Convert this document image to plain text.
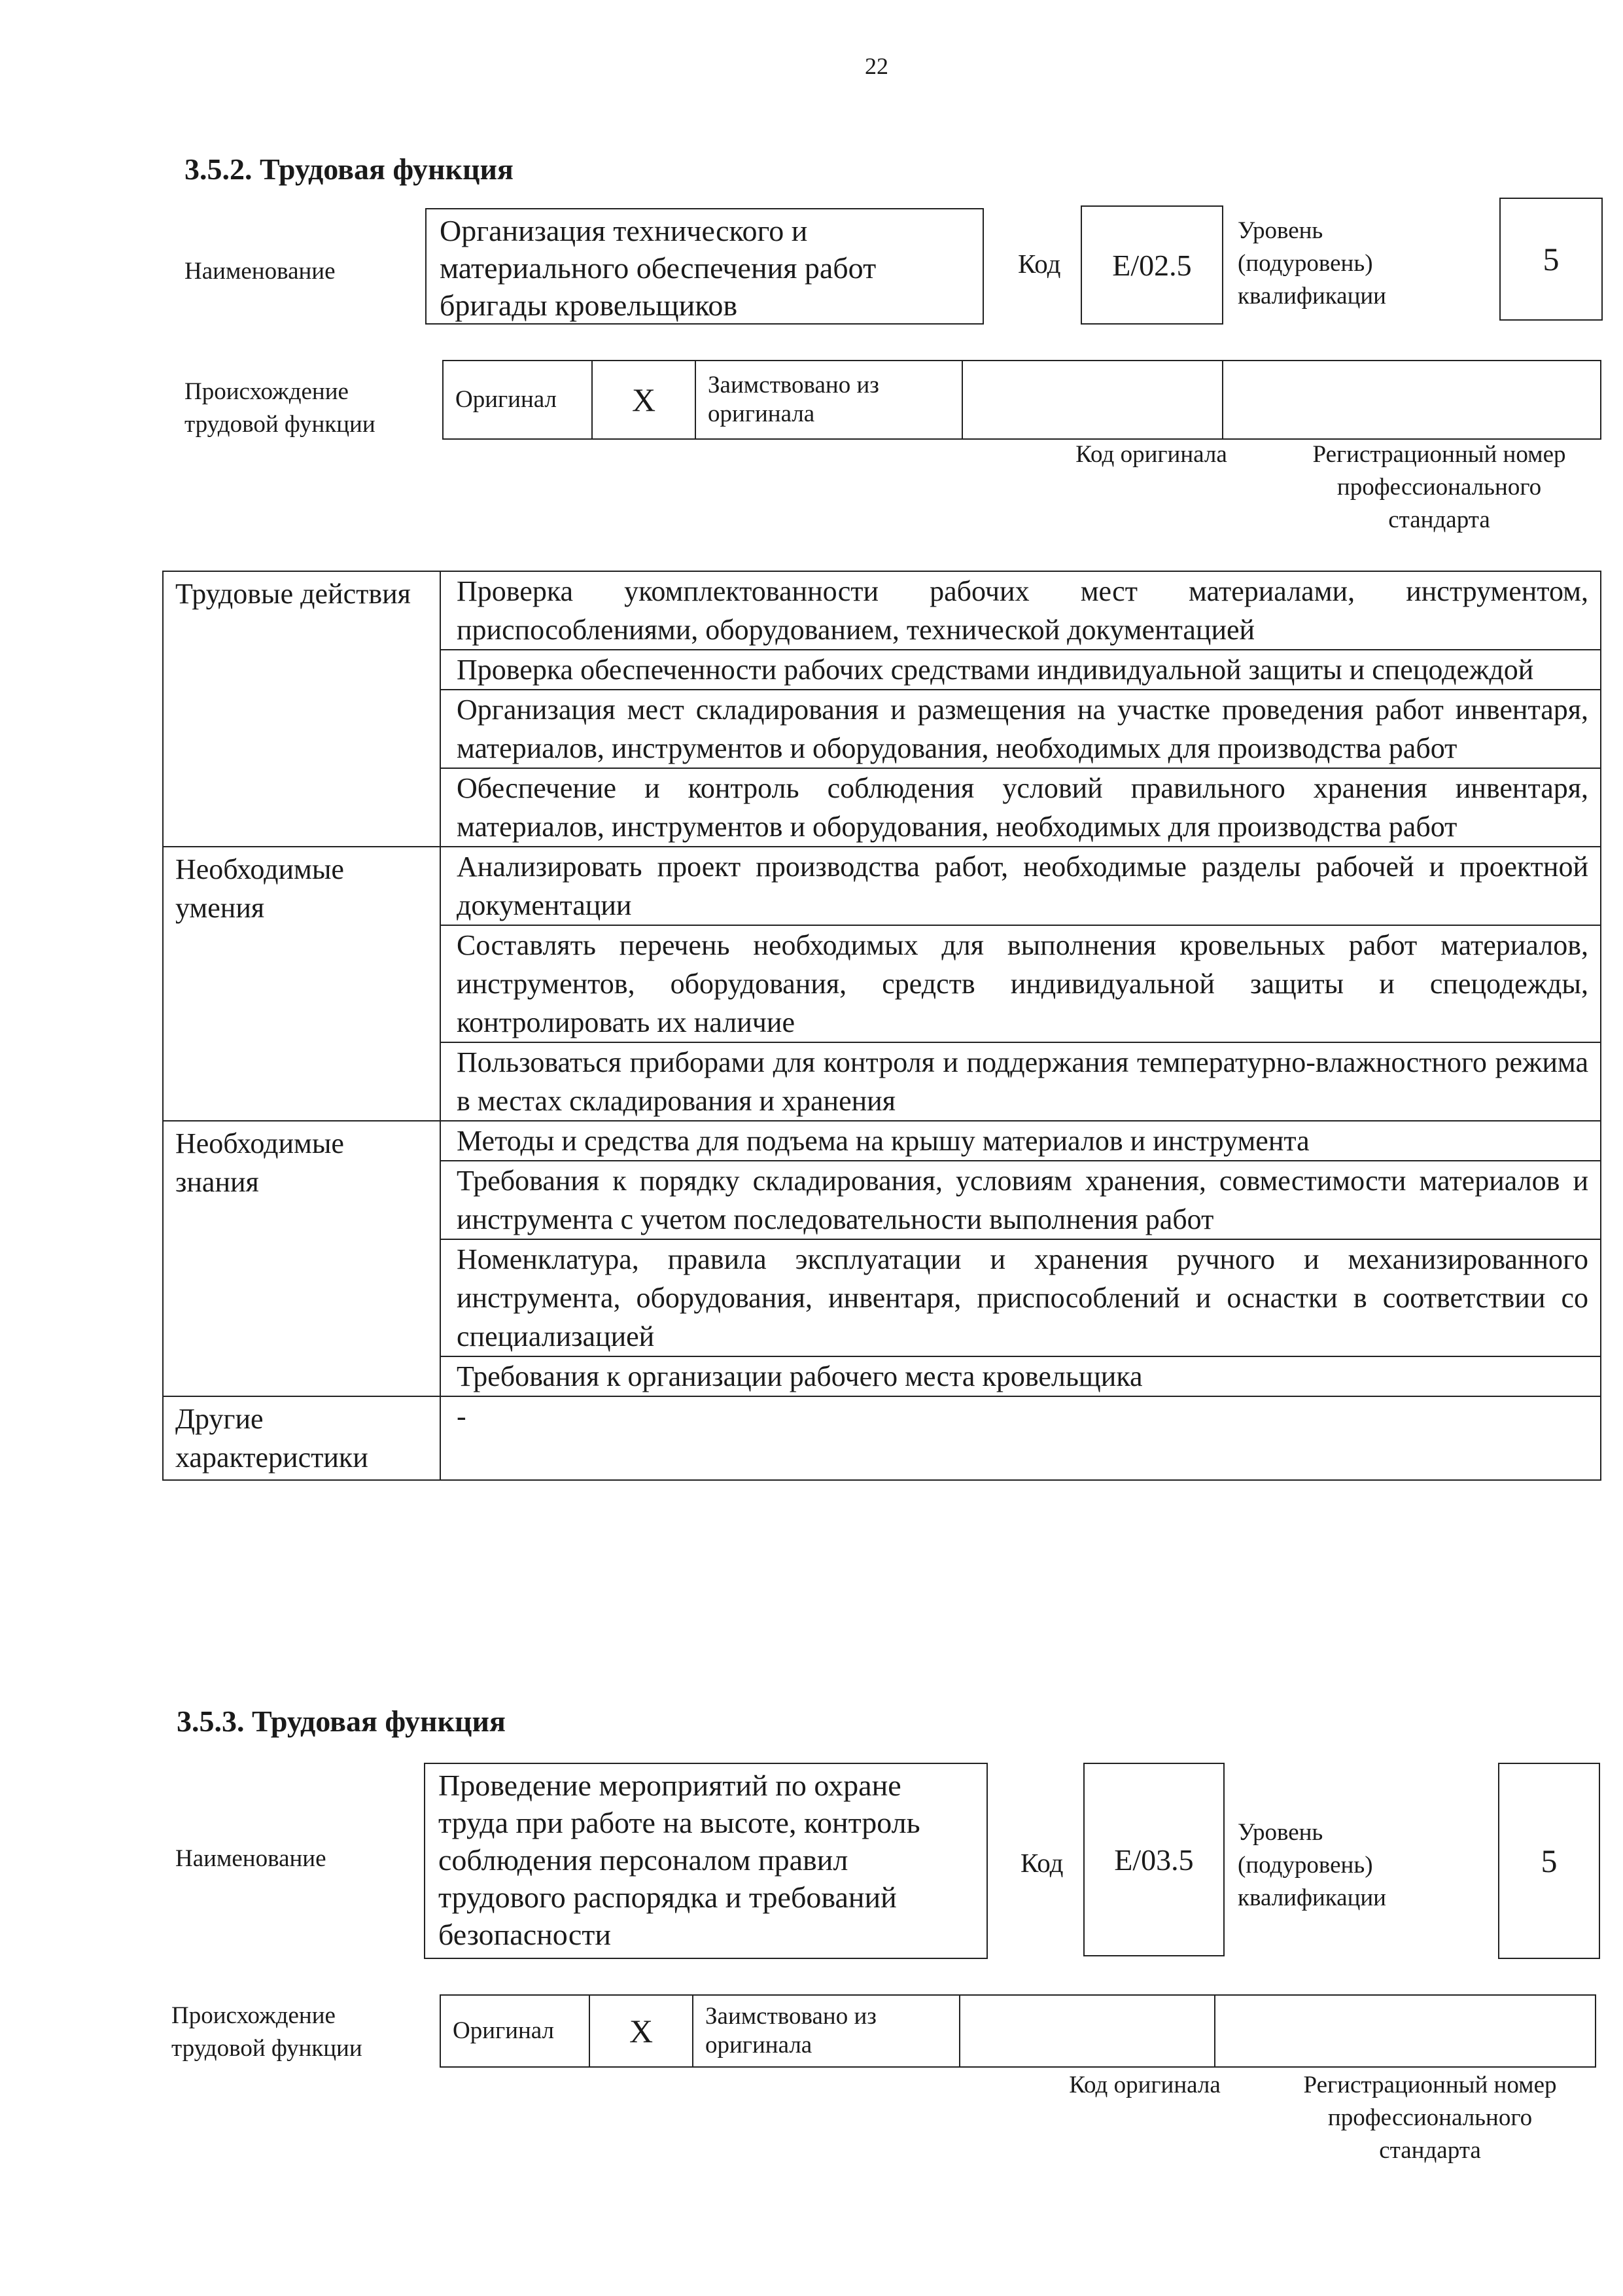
22
3.5.2. Трудовая функция
Наименование
Организация технического и
материального обеспечения работ
бригады кровельщиков
Код	E/02.5
Уровень
(подуровень)
квалификации
5
Происхождение
трудовой функции
Оригинал	X	Заимствовано из
оригинала

Код оригинала	Регистрационный номер
профессионального
стандарта
Трудовые действия	Проверка укомплектованности рабочих мест материалами, инструментом, приспособлениями, оборудованием, технической документацией
	Проверка обеспеченности рабочих средствами индивидуальной защиты и спецодеждой
	Организация мест складирования и размещения на участке проведения работ инвентаря, материалов, инструментов и оборудования, необходимых для производства работ
	Обеспечение и контроль соблюдения условий правильного хранения инвентаря, материалов, инструментов и оборудования, необходимых для производства работ
Необходимые умения	Анализировать проект производства работ, необходимые разделы рабочей и проектной документации
	Составлять перечень необходимых для выполнения кровельных работ материалов, инструментов, оборудования, средств индивидуальной защиты и спецодежды, контролировать их наличие
	Пользоваться приборами для контроля и поддержания температурно-влажностного режима в местах складирования и хранения
Необходимые знания	Методы и средства для подъема на крышу материалов и инструмента
	Требования к порядку складирования, условиям хранения, совместимости материалов и инструмента с учетом последовательности выполнения работ
	Номенклатура, правила эксплуатации и хранения ручного и механизированного инструмента, оборудования, инвентаря, приспособлений и оснастки в соответствии со специализацией
	Требования к организации рабочего места кровельщика
Другие характеристики	-
3.5.3. Трудовая функция
Наименование
Проведение мероприятий по охране
труда при работе на высоте, контроль
соблюдения персоналом правил
трудового распорядка и требований
безопасности
Код	E/03.5
Уровень
(подуровень)
квалификации
5
Происхождение
трудовой функции
Оригинал	X	Заимствовано из
оригинала

Код оригинала	Регистрационный номер
профессионального
стандарта
